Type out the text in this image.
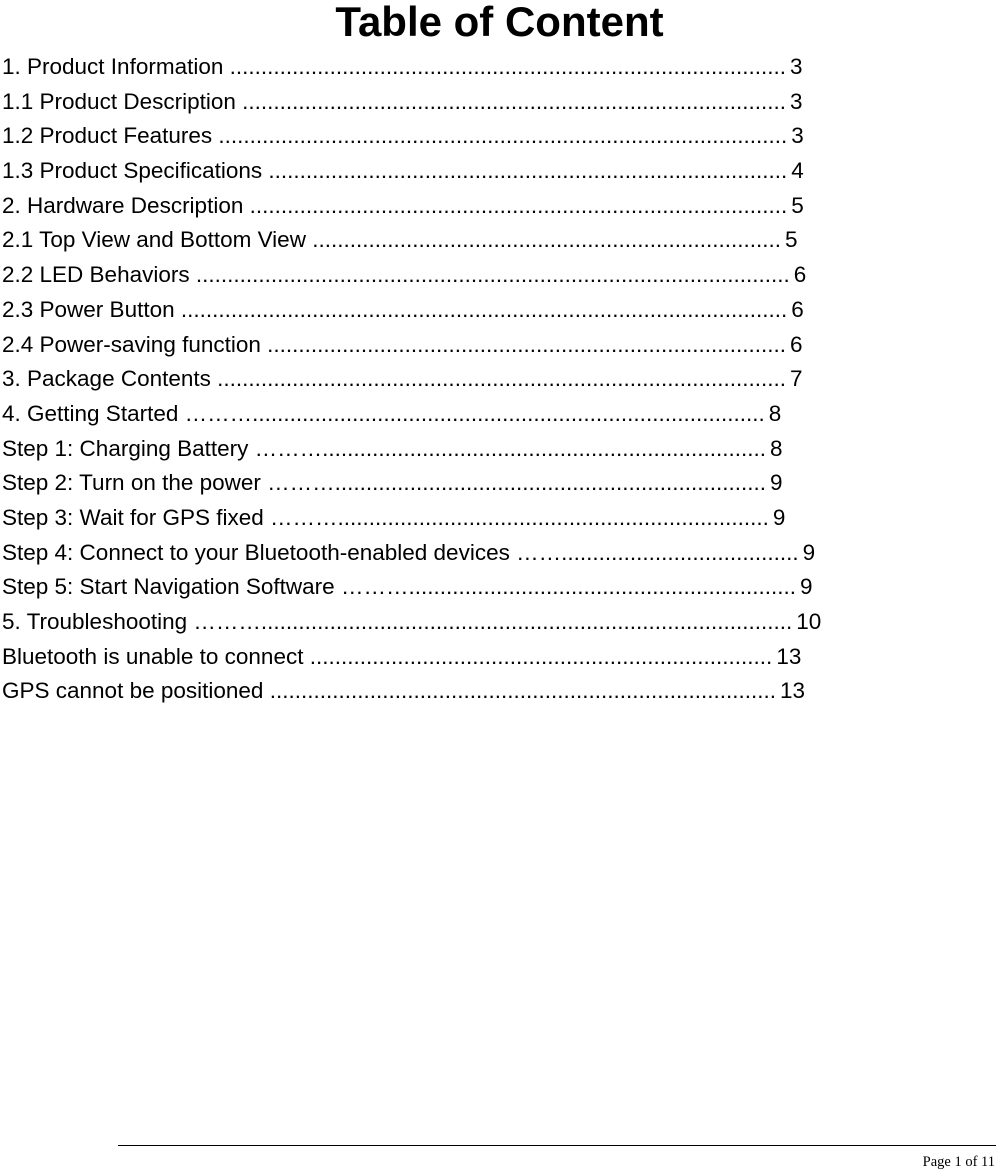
Table of Content
1. Product Information ......................................................................................... 3
1.1 Product Description ....................................................................................... 3
1.2 Product Features ........................................................................................... 3
1.3 Product Specifications ................................................................................... 4
2. Hardware Description ...................................................................................... 5
2.1 Top View and Bottom View ........................................................................... 5
2.2 LED Behaviors ............................................................................................... 6
2.3 Power Button ................................................................................................. 6
2.4 Power-saving function ................................................................................... 6
3. Package Contents ........................................................................................... 7
4. Getting Started ……….................................................................................. 8
Step 1: Charging Battery ………....................................................................... 8
Step 2: Turn on the power ………..................................................................... 9
Step 3: Wait for GPS fixed ………..................................................................... 9
Step 4: Connect to your Bluetooth-enabled devices ……...................................... 9
Step 5: Start Navigation Software ……….............................................................. 9
5. Troubleshooting ………..................................................................................... 10
Bluetooth is unable to connect .......................................................................... 13
GPS cannot be positioned ................................................................................. 13
Page 1 of 11
